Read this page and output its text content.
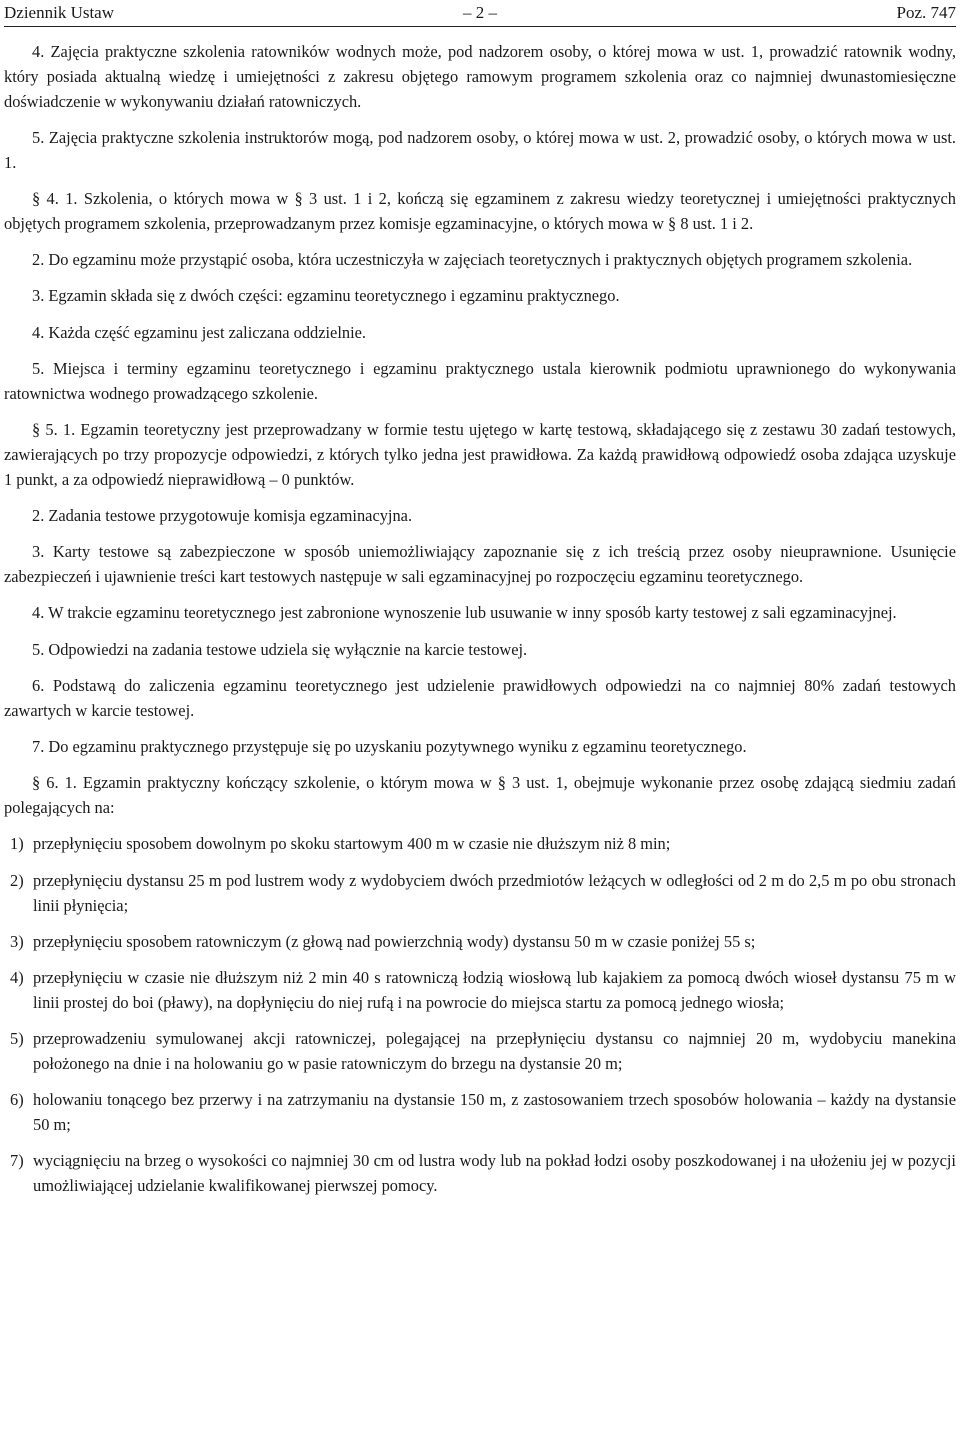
Dziennik Ustaw	– 2 –	Poz. 747

4. Zajęcia praktyczne szkolenia ratowników wodnych może, pod nadzorem osoby, o której mowa w ust. 1, prowadzić ratownik wodny, który posiada aktualną wiedzę i umiejętności z zakresu objętego ramowym programem szkolenia oraz co najmniej dwunastomiesięczne doświadczenie w wykonywaniu działań ratowniczych.

5. Zajęcia praktyczne szkolenia instruktorów mogą, pod nadzorem osoby, o której mowa w ust. 2, prowadzić osoby, o których mowa w ust. 1.

§ 4. 1. Szkolenia, o których mowa w § 3 ust. 1 i 2, kończą się egzaminem z zakresu wiedzy teoretycznej i umiejętności praktycznych objętych programem szkolenia, przeprowadzanym przez komisje egzaminacyjne, o których mowa w § 8 ust. 1 i 2.

2. Do egzaminu może przystąpić osoba, która uczestniczyła w zajęciach teoretycznych i praktycznych objętych programem szkolenia.

3. Egzamin składa się z dwóch części: egzaminu teoretycznego i egzaminu praktycznego.

4. Każda część egzaminu jest zaliczana oddzielnie.

5. Miejsca i terminy egzaminu teoretycznego i egzaminu praktycznego ustala kierownik podmiotu uprawnionego do wykonywania ratownictwa wodnego prowadzącego szkolenie.

§ 5. 1. Egzamin teoretyczny jest przeprowadzany w formie testu ujętego w kartę testową, składającego się z zestawu 30 zadań testowych, zawierających po trzy propozycje odpowiedzi, z których tylko jedna jest prawidłowa. Za każdą prawidłową odpowiedź osoba zdająca uzyskuje 1 punkt, a za odpowiedź nieprawidłową – 0 punktów.

2. Zadania testowe przygotowuje komisja egzaminacyjna.

3. Karty testowe są zabezpieczone w sposób uniemożliwiający zapoznanie się z ich treścią przez osoby nieuprawnione. Usunięcie zabezpieczeń i ujawnienie treści kart testowych następuje w sali egzaminacyjnej po rozpoczęciu egzaminu teoretycznego.

4. W trakcie egzaminu teoretycznego jest zabronione wynoszenie lub usuwanie w inny sposób karty testowej z sali egzaminacyjnej.

5. Odpowiedzi na zadania testowe udziela się wyłącznie na karcie testowej.

6. Podstawą do zaliczenia egzaminu teoretycznego jest udzielenie prawidłowych odpowiedzi na co najmniej 80% zadań testowych zawartych w karcie testowej.

7. Do egzaminu praktycznego przystępuje się po uzyskaniu pozytywnego wyniku z egzaminu teoretycznego.

§ 6. 1. Egzamin praktyczny kończący szkolenie, o którym mowa w § 3 ust. 1, obejmuje wykonanie przez osobę zdającą siedmiu zadań polegających na:

1) przepłynięciu sposobem dowolnym po skoku startowym 400 m w czasie nie dłuższym niż 8 min;
2) przepłynięciu dystansu 25 m pod lustrem wody z wydobyciem dwóch przedmiotów leżących w odległości od 2 m do 2,5 m po obu stronach linii płynięcia;
3) przepłynięciu sposobem ratowniczym (z głową nad powierzchnią wody) dystansu 50 m w czasie poniżej 55 s;
4) przepłynięciu w czasie nie dłuższym niż 2 min 40 s ratowniczą łodzią wiosłową lub kajakiem za pomocą dwóch wioseł dystansu 75 m w linii prostej do boi (pławy), na dopłynięciu do niej rufą i na powrocie do miejsca startu za pomocą jednego wiosła;
5) przeprowadzeniu symulowanej akcji ratowniczej, polegającej na przepłynięciu dystansu co najmniej 20 m, wydobyciu manekina położonego na dnie i na holowaniu go w pasie ratowniczym do brzegu na dystansie 20 m;
6) holowaniu tonącego bez przerwy i na zatrzymaniu na dystansie 150 m, z zastosowaniem trzech sposobów holowania – każdy na dystansie 50 m;
7) wyciągnięciu na brzeg o wysokości co najmniej 30 cm od lustra wody lub na pokład łodzi osoby poszkodowanej i na ułożeniu jej w pozycji umożliwiającej udzielanie kwalifikowanej pierwszej pomocy.
